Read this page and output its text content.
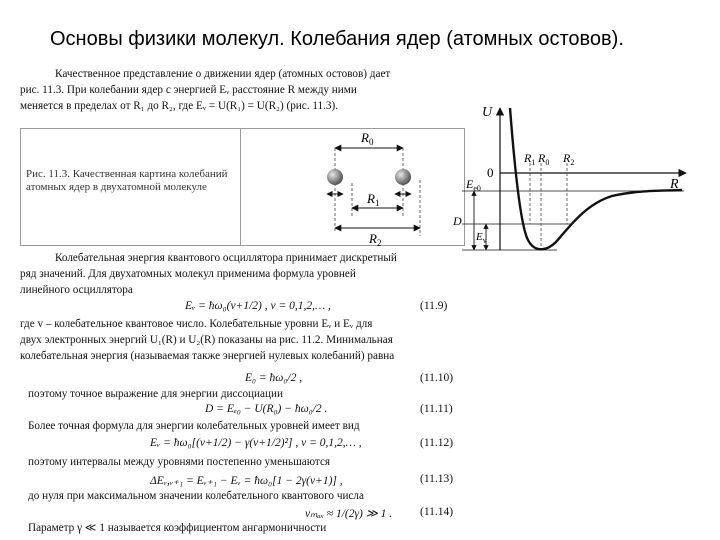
Основы физики молекул. Колебания ядер (атомных остовов).
Качественное представление о движении ядер (атомных остовов) дает
рис. 11.3. При колебании ядер с энергией Eᵥ расстояние R между ними
меняется в пределах от R₁ до R₂, где Eᵥ = U(R₁) = U(R₂) (рис. 11.3).
Рис. 11.3. Качественная картина колебаний атомных ядер в двухатомной молекуле
$R_0$
$R_1$
$R_2$
U
R
0
$R_1$ $R_0$ $R_2$
$E_{e0}$
D
$E_v$
Колебательная энергия квантового осциллятора принимает дискретный
ряд значений. Для двухатомных молекул применима формула уровней
линейного осциллятора
Eᵥ = ħω₀(v+1/2) , v = 0,1,2,… ,	(11.9)
где v – колебательное квантовое число. Колебательные уровни Eᵥ и Eᵥ для
двух электронных энергий U₁(R) и U₂(R) показаны на рис. 11.2. Минимальная
колебательная энергия (называемая также энергией нулевых колебаний) равна
E₀ = ħω₀/2 ,	(11.10)
поэтому точное выражение для энергии диссоциации
D = Eₑ₀ − U(R₀) − ħω₀/2 .	(11.11)
Более точная формула для энергии колебательных уровней имеет вид
Eᵥ = ħω₀[(v+1/2) − γ(v+1/2)²] , v = 0,1,2,… ,	(11.12)
поэтому интервалы между уровнями постепенно уменьшаются
ΔEᵥ,ᵥ₊₁ = Eᵥ₊₁ − Eᵥ = ħω₀[1 − 2γ(v+1)] ,	(11.13)
до нуля при максимальном значении колебательного квантового числа
vₘₐₓ ≈ 1/(2γ) ≫ 1 . (11.14)
Параметр γ ≪ 1 называется коэффициентом ангармоничности
